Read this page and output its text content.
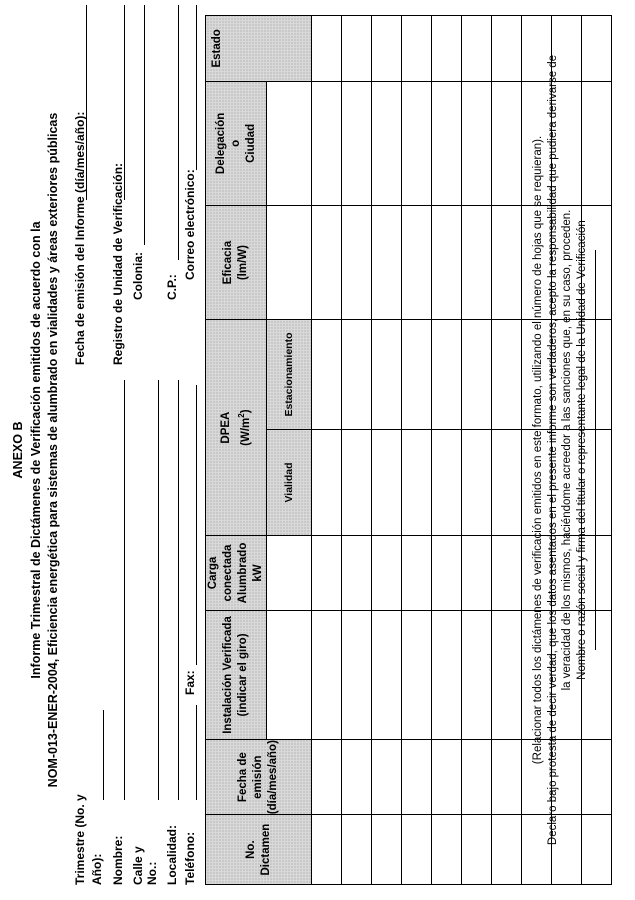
ANEXO B Informe Trimestral de Dictámenes de Verificación emitidos de acuerdo con la NOM-013-ENER-2004, Eficiencia energética para sistemas de alumbrado en vialidades y áreas exteriores públicas
Trimestre (No. y Año): Nombre: Calle y No.: Localidad: Teléfono:
Fax:
Fecha de emisión del Informe (día/mes/año): Registro de Unidad de Verificación: Colonia: C.P.:
Correo electrónico:
No. Dictamen	Fecha de emisión (día/mes/año)	Instalación Verificada (indicar el giro)	Carga conectada Alumbrado kW	DPEA $(W/m^2)$		Eficacia (lm/W)	Delegación o Ciudad	Estado
				Vialidad	Estacionamiento			

									(Relacionar todos los dictámenes de verificación emitidos en este formato, utilizando el número de hojas que se requieran). Declaro bajo protesta de decir verdad, que los datos asentados en el presente informe son verdaderos, acepto la responsabilidad que pudiera derivarse de la veracidad de los mismos, haciéndome acreedor a las sanciones que, en su caso, proceden. Nombre o razón social y firma del titular o representante legal de la Unidad de Verificación
